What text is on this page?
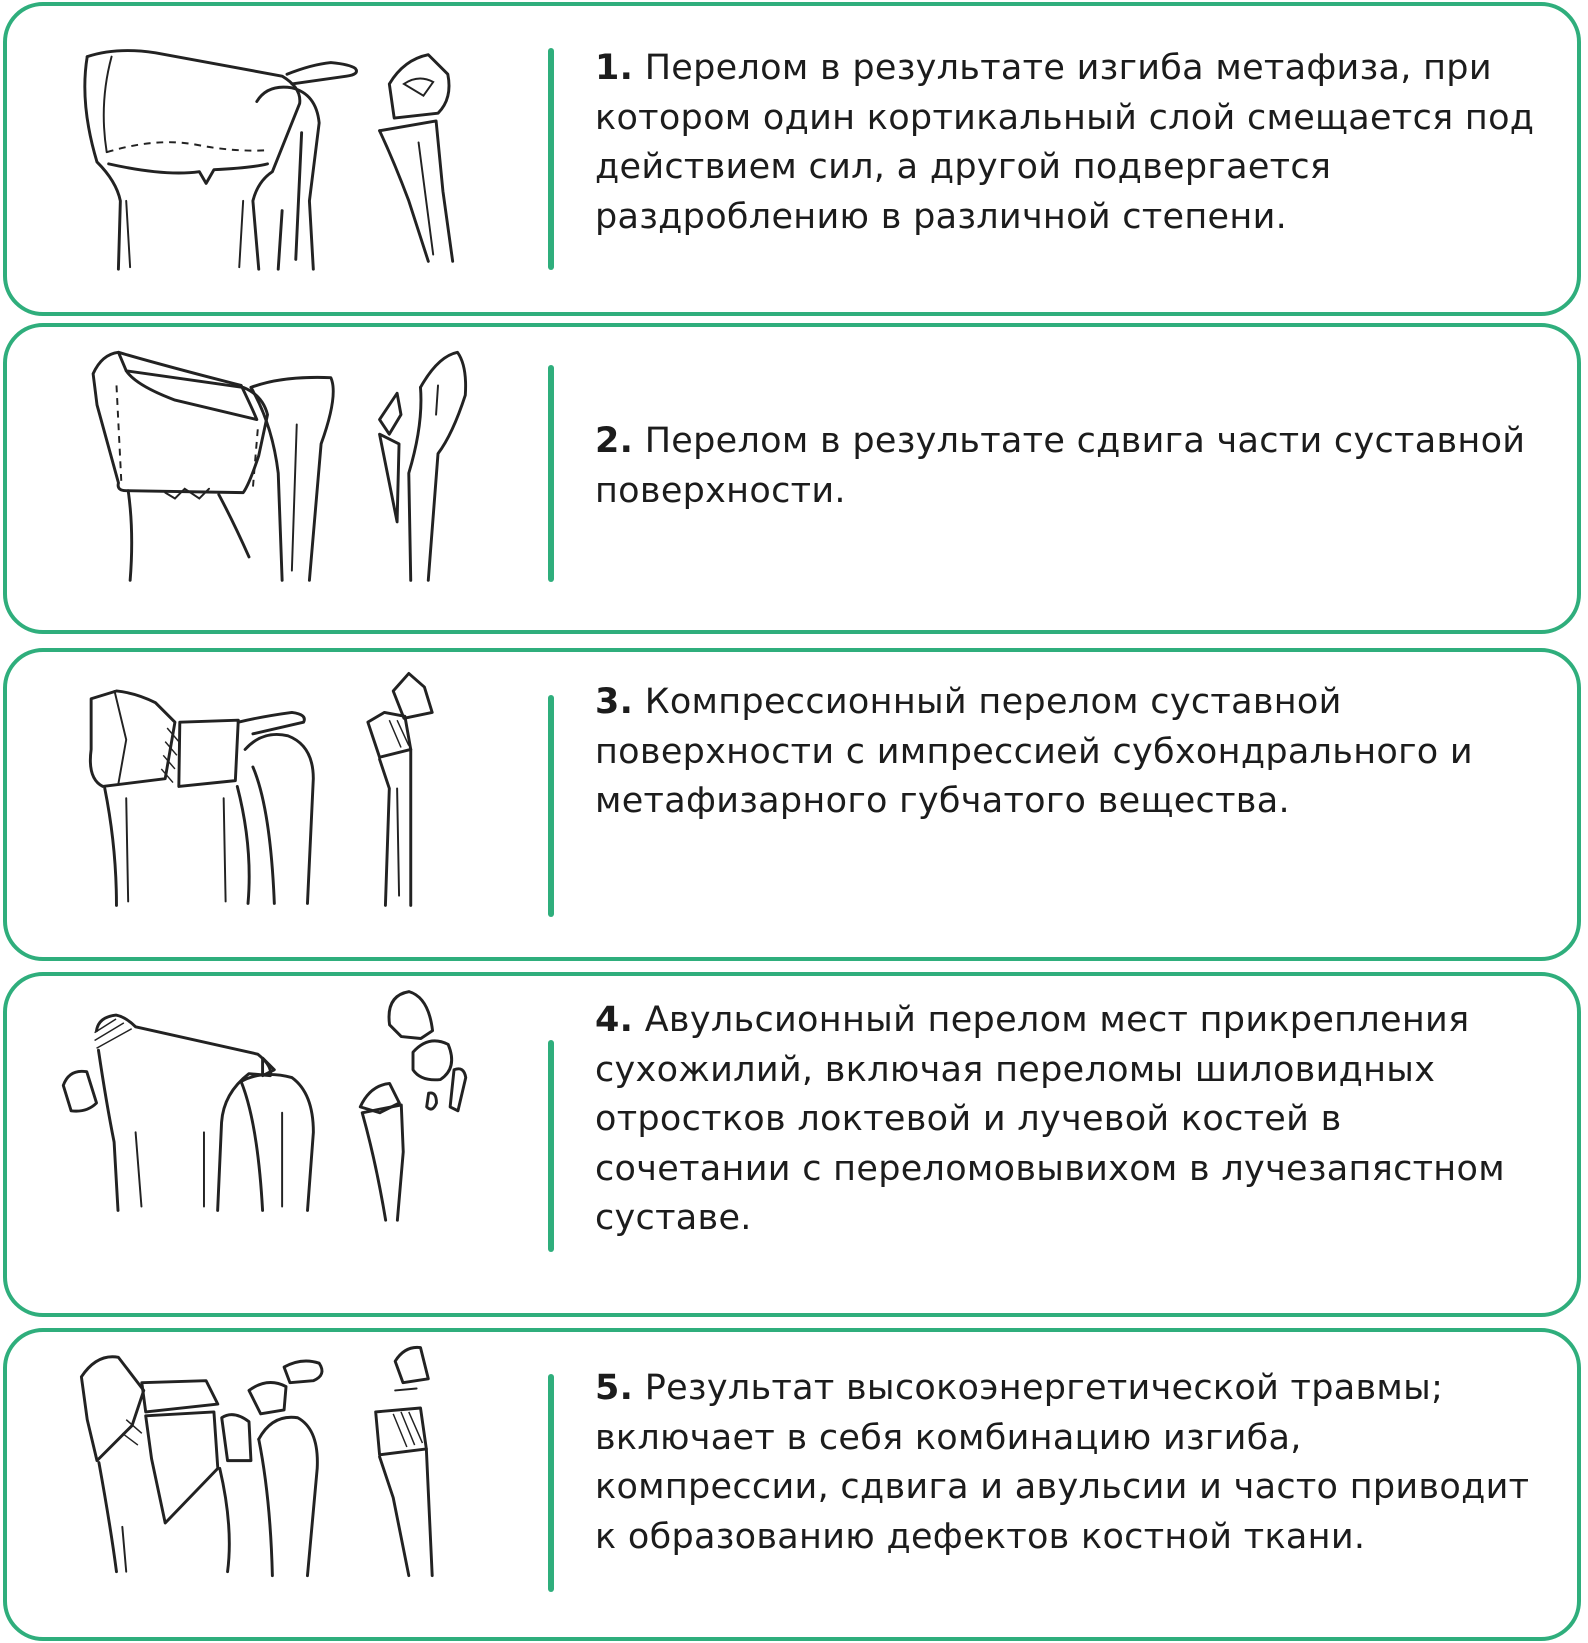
1. Перелом в результате изгиба метафиза, при котором один кортикальный слой смещается под действием сил, а другой подвергается раздроблению в различной степени.
2. Перелом в результате сдвига части суставной поверхности.
3. Компрессионный перелом суставной поверхности с импрессией субхондрального и метафизарного губчатого вещества.
4. Авульсионный перелом мест прикрепления сухожилий, включая переломы шиловидных отростков локтевой и лучевой костей в сочетании с переломовывихом в лучезапястном суставе.
5. Результат высокоэнергетической травмы; включает в себя комбинацию изгиба, компрессии, сдвига и авульсии и часто приводит к образованию дефектов костной ткани.
